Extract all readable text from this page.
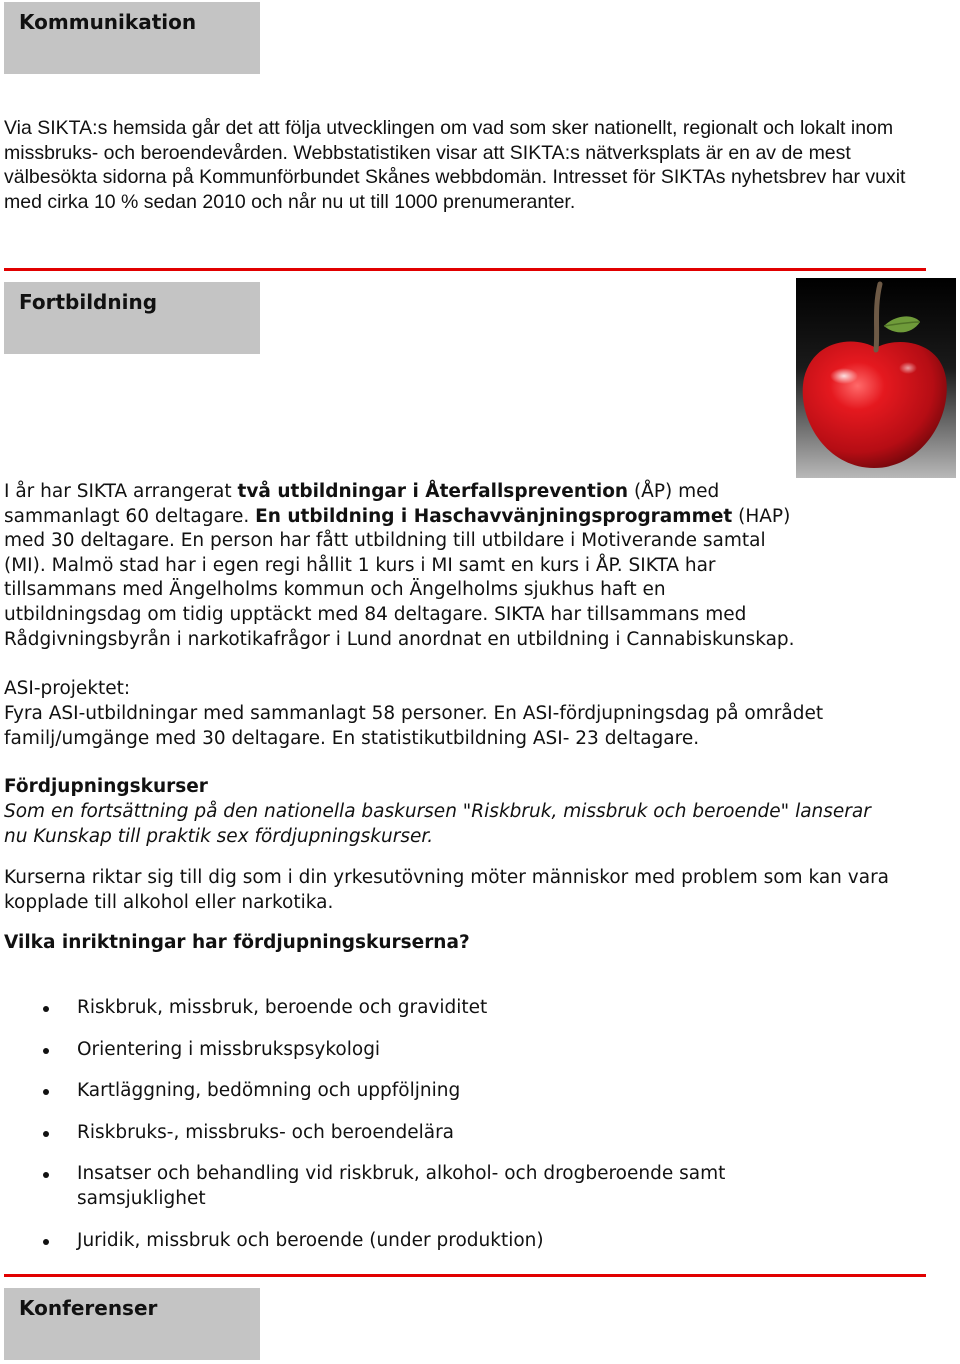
Kommunikation

Via SIKTA:s hemsida går det att följa utvecklingen om vad som sker nationellt, regionalt och lokalt inom missbruks- och beroendevården. Webbstatistiken visar att SIKTA:s nätverksplats är en av de mest välbesökta sidorna på Kommunförbundet Skånes webbdomän. Intresset för SIKTAs nyhetsbrev har vuxit med cirka 10 % sedan 2010 och når nu ut till 1000 prenumeranter.

Fortbildning

I år har SIKTA arrangerat två utbildningar i Återfallsprevention (ÅP) med sammanlagt 60 deltagare. En utbildning i Haschavvänjningsprogrammet (HAP) med 30 deltagare. En person har fått utbildning till utbildare i Motiverande samtal (MI). Malmö stad har i egen regi hållit 1 kurs i MI samt en kurs i ÅP. SIKTA har tillsammans med Ängelholms kommun och Ängelholms sjukhus haft en utbildningsdag om tidig upptäckt med 84 deltagare. SIKTA har tillsammans med Rådgivningsbyrån i narkotikafrågor i Lund anordnat en utbildning i Cannabiskunskap.

ASI-projektet:

Fyra ASI-utbildningar med sammanlagt 58 personer. En ASI-fördjupningsdag på området familj/umgänge med 30 deltagare. En statistikutbildning ASI- 23 deltagare.

Fördjupningskurser

Som en fortsättning på den nationella baskursen "Riskbruk, missbruk och beroende" lanserar nu Kunskap till praktik sex fördjupningskurser.

Kurserna riktar sig till dig som i din yrkesutövning möter människor med problem som kan vara kopplade till alkohol eller narkotika.

Vilka inriktningar har fördjupningskurserna?

Riskbruk, missbruk, beroende och graviditet
Orientering i missbrukspsykologi
Kartläggning, bedömning och uppföljning
Riskbruks-, missbruks- och beroendelära
Insatser och behandling vid riskbruk, alkohol- och drogberoende samt samsjuklighet
Juridik, missbruk och beroende (under produktion)
Konferenser
